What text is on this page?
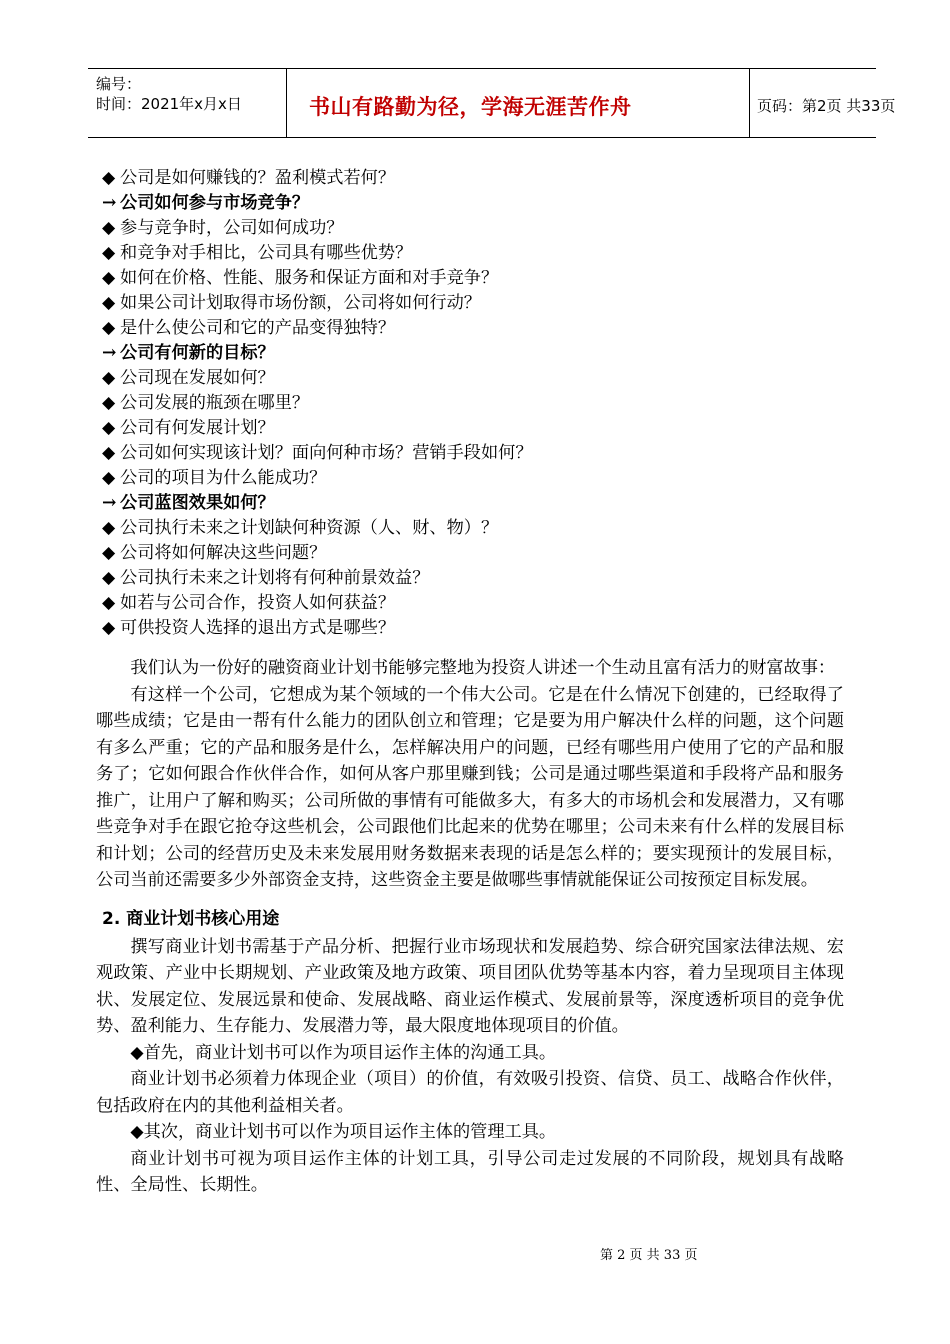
编号：
时间：2021年x月x日	书山有路勤为径，学海无涯苦作舟	页码：第2页 共33页
◆ 公司是如何赚钱的？盈利模式若何？
→ 公司如何参与市场竞争？
◆ 参与竞争时，公司如何成功？
◆ 和竞争对手相比，公司具有哪些优势？
◆ 如何在价格、性能、服务和保证方面和对手竞争？
◆ 如果公司计划取得市场份额，公司将如何行动？
◆ 是什么使公司和它的产品变得独特？
→ 公司有何新的目标？
◆ 公司现在发展如何？
◆ 公司发展的瓶颈在哪里？
◆ 公司有何发展计划？
◆ 公司如何实现该计划？面向何种市场？营销手段如何？
◆ 公司的项目为什么能成功？
→ 公司蓝图效果如何？
◆ 公司执行未来之计划缺何种资源（人、财、物）？
◆ 公司将如何解决这些问题？
◆ 公司执行未来之计划将有何种前景效益？
◆ 如若与公司合作，投资人如何获益？
◆ 可供投资人选择的退出方式是哪些？

我们认为一份好的融资商业计划书能够完整地为投资人讲述一个生动且富有活力的财富故事：

有这样一个公司，它想成为某个领域的一个伟大公司。它是在什么情况下创建的，已经取得了哪些成绩；它是由一帮有什么能力的团队创立和管理；它是要为用户解决什么样的问题，这个问题有多么严重；它的产品和服务是什么，怎样解决用户的问题，已经有哪些用户使用了它的产品和服务了；它如何跟合作伙伴合作，如何从客户那里赚到钱；公司是通过哪些渠道和手段将产品和服务推广，让用户了解和购买；公司所做的事情有可能做多大，有多大的市场机会和发展潜力，又有哪些竞争对手在跟它抢夺这些机会，公司跟他们比起来的优势在哪里；公司未来有什么样的发展目标和计划；公司的经营历史及未来发展用财务数据来表现的话是怎么样的；要实现预计的发展目标，公司当前还需要多少外部资金支持，这些资金主要是做哪些事情就能保证公司按预定目标发展。

2. 商业计划书核心用途

撰写商业计划书需基于产品分析、把握行业市场现状和发展趋势、综合研究国家法律法规、宏观政策、产业中长期规划、产业政策及地方政策、项目团队优势等基本内容，着力呈现项目主体现状、发展定位、发展远景和使命、发展战略、商业运作模式、发展前景等，深度透析项目的竞争优势、盈利能力、生存能力、发展潜力等，最大限度地体现项目的价值。

◆首先，商业计划书可以作为项目运作主体的沟通工具。

商业计划书必须着力体现企业（项目）的价值，有效吸引投资、信贷、员工、战略合作伙伴，包括政府在内的其他利益相关者。

◆其次，商业计划书可以作为项目运作主体的管理工具。

商业计划书可视为项目运作主体的计划工具，引导公司走过发展的不同阶段，规划具有战略性、全局性、长期性。

第 2 页 共 33 页
